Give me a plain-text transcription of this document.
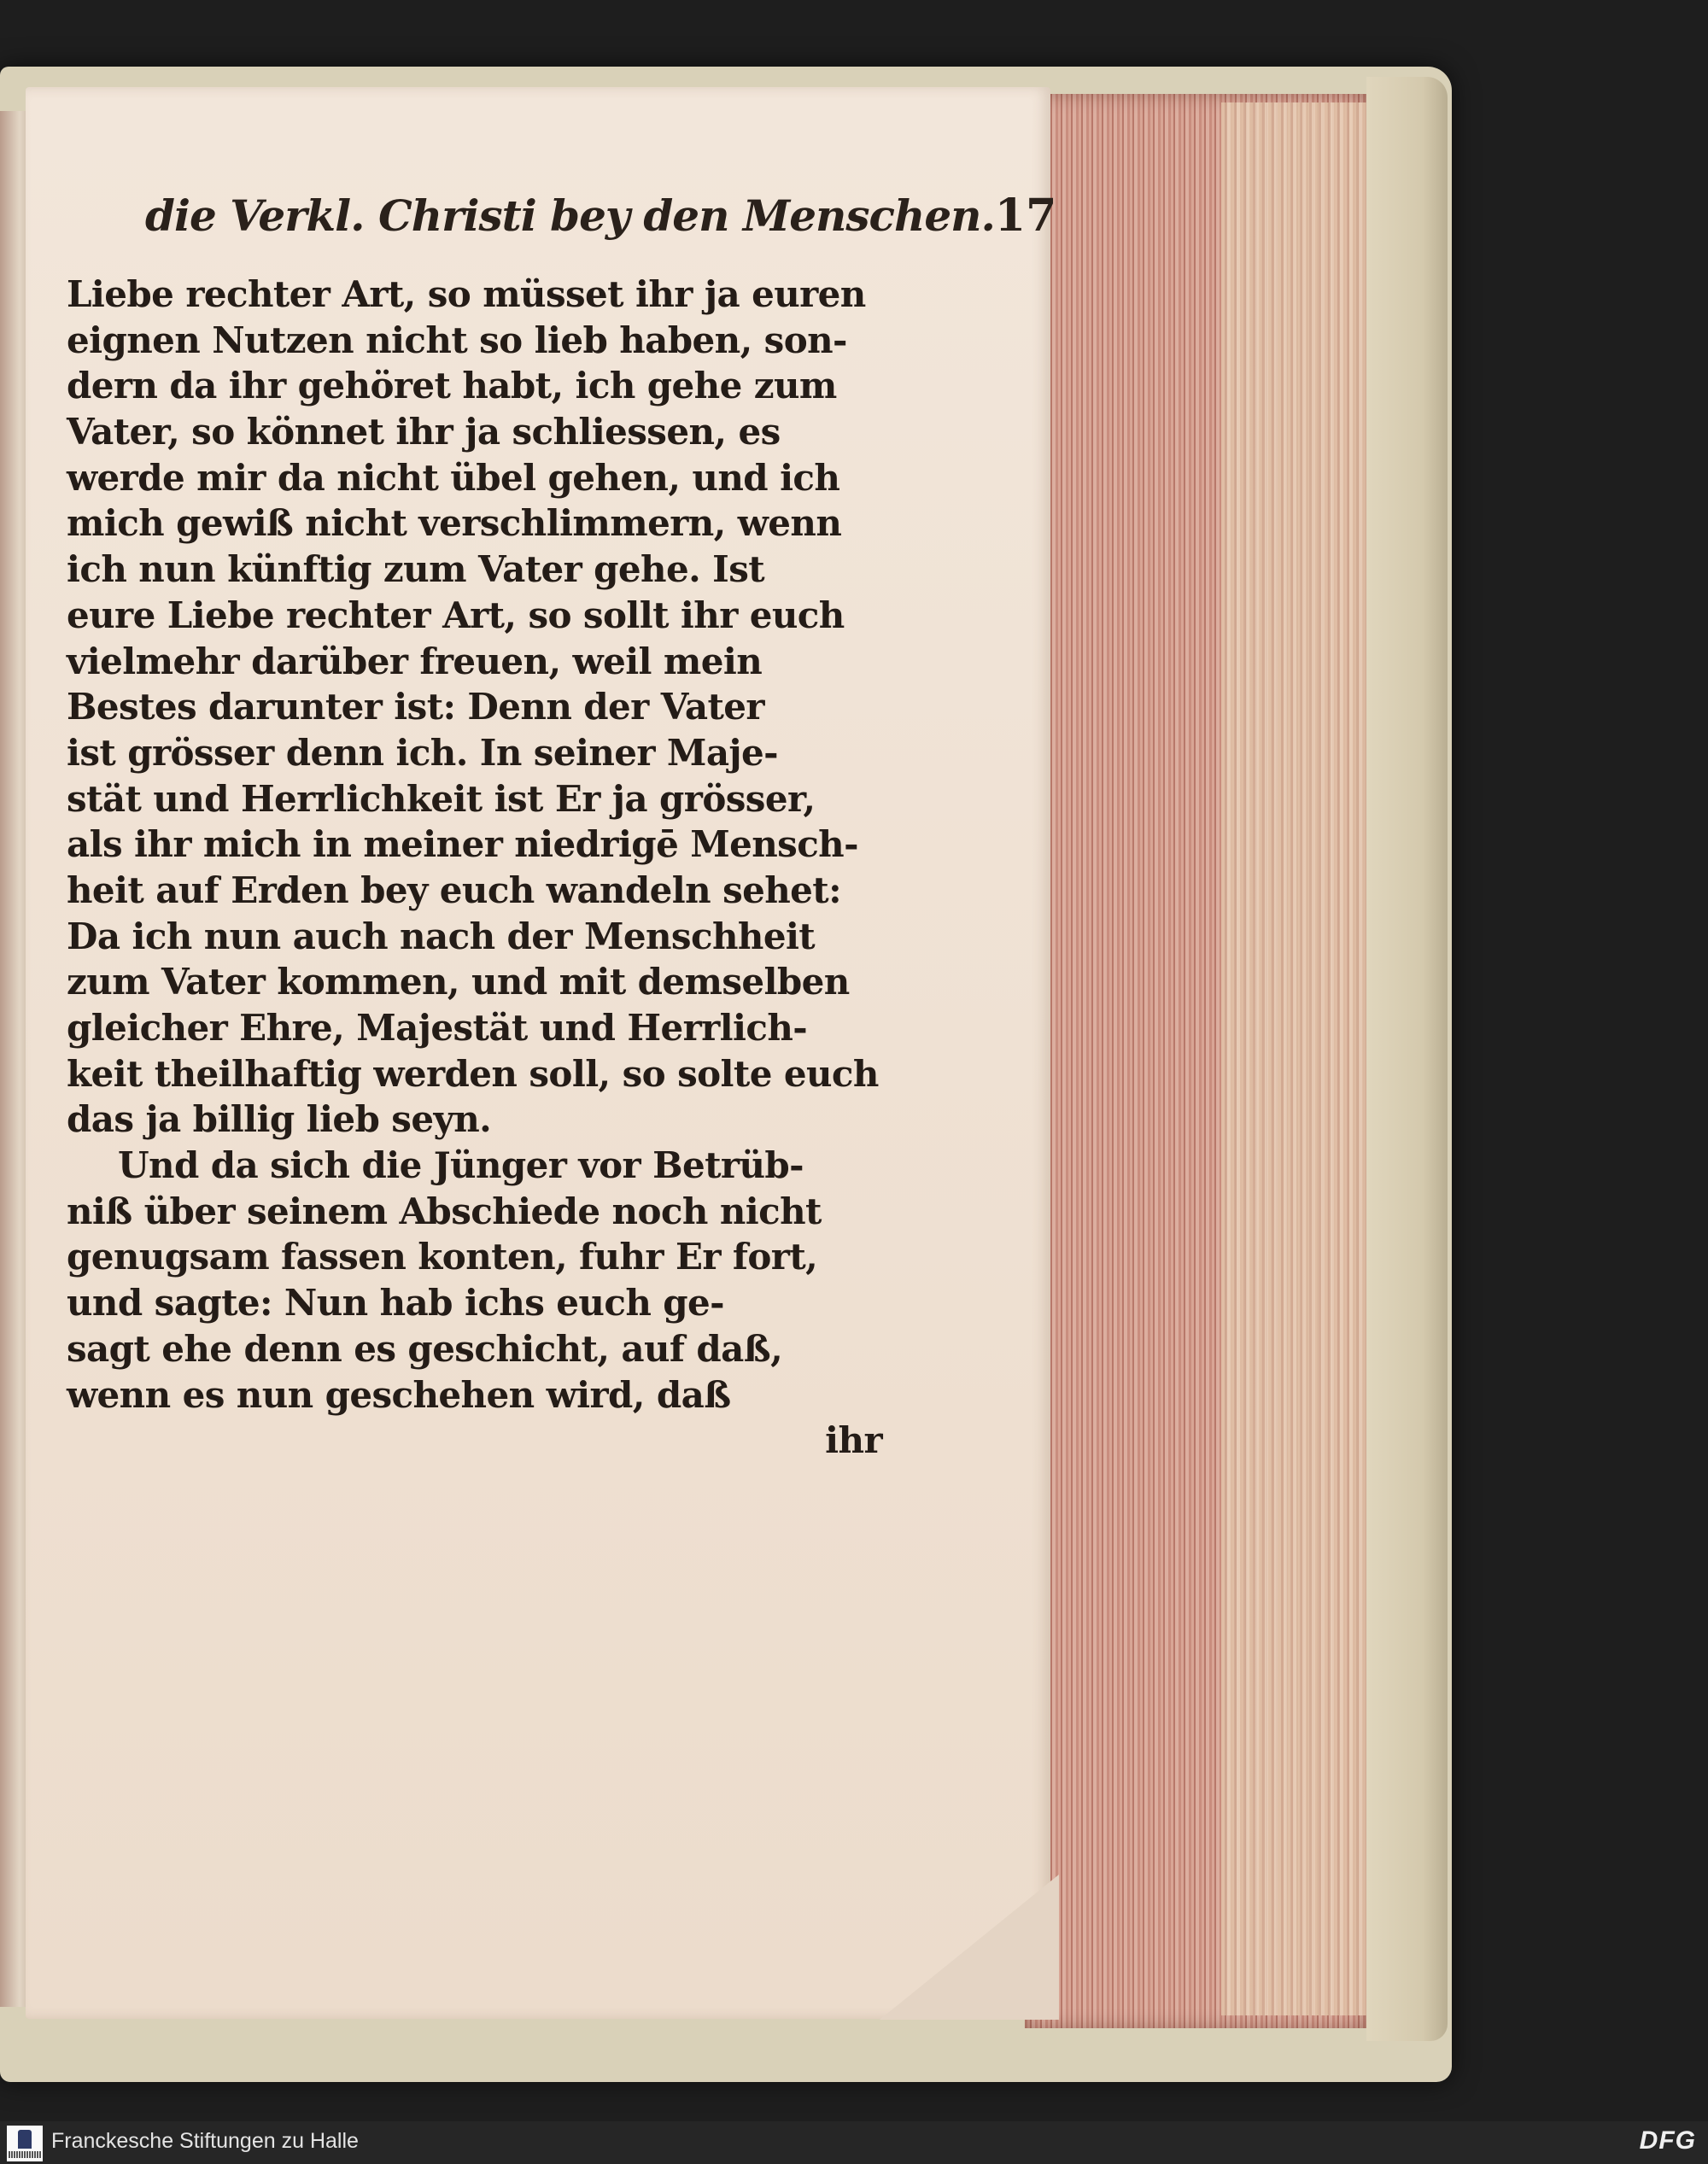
die Verkl. Christi bey den Menschen. 17
Liebe rechter Art, so müsset ihr ja euren
eignen Nutzen nicht so lieb haben, son-
dern da ihr gehöret habt, ich gehe zum
Vater, so könnet ihr ja schliessen, es
werde mir da nicht übel gehen, und ich
mich gewiß nicht verschlimmern, wenn
ich nun künftig zum Vater gehe. Ist
eure Liebe rechter Art, so sollt ihr euch
vielmehr darüber freuen, weil mein
Bestes darunter ist: Denn der Vater
ist grösser denn ich. In seiner Maje-
stät und Herrlichkeit ist Er ja grösser,
als ihr mich in meiner niedrigē Mensch-
heit auf Erden bey euch wandeln sehet:
Da ich nun auch nach der Menschheit
zum Vater kommen, und mit demselben
gleicher Ehre, Majestät und Herrlich-
keit theilhaftig werden soll, so solte euch
das ja billig lieb seyn.
Und da sich die Jünger vor Betrüb-
niß über seinem Abschiede noch nicht
genugsam fassen konten, fuhr Er fort,
und sagte: Nun hab ichs euch ge-
sagt ehe denn es geschicht, auf daß,
wenn es nun geschehen wird, daß
ihr
Franckesche Stiftungen zu Halle	DFG
